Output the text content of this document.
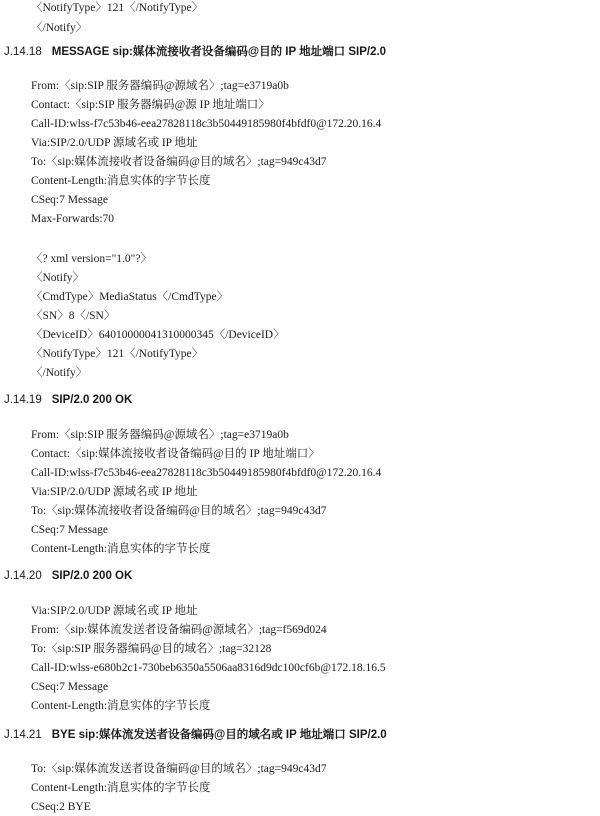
〈NotifyType〉121〈/NotifyType〉
〈/Notify〉
J.14.18 MESSAGE sip:媒体流接收者设备编码@目的 IP 地址端口 SIP/2.0
From:〈sip:SIP 服务器编码@源域名〉;tag=e3719a0b
Contact:〈sip:SIP 服务器编码@源 IP 地址端口〉
Call-ID:wlss-f7c53b46-eea27828118c3b50449185980f4bfdf0@172.20.16.4
Via:SIP/2.0/UDP 源域名或 IP 地址
To:〈sip:媒体流接收者设备编码@目的域名〉;tag=949c43d7
Content-Length:消息实体的字节长度
CSeq:7 Message
Max-Forwards:70
〈? xml version="1.0"?〉
〈Notify〉
〈CmdType〉MediaStatus〈/CmdType〉
〈SN〉8〈/SN〉
〈DeviceID〉64010000041310000345〈/DeviceID〉
〈NotifyType〉121〈/NotifyType〉
〈/Notify〉
J.14.19 SIP/2.0 200 OK
From:〈sip:SIP 服务器编码@源域名〉;tag=e3719a0b
Contact:〈sip:媒体流接收者设备编码@目的 IP 地址端口〉
Call-ID:wlss-f7c53b46-eea27828118c3b50449185980f4bfdf0@172.20.16.4
Via:SIP/2.0/UDP 源域名或 IP 地址
To:〈sip:媒体流接收者设备编码@目的域名〉;tag=949c43d7
CSeq:7 Message
Content-Length:消息实体的字节长度
J.14.20 SIP/2.0 200 OK
Via:SIP/2.0/UDP 源域名或 IP 地址
From:〈sip:媒体流发送者设备编码@源域名〉;tag=f569d024
To:〈sip:SIP 服务器编码@目的域名〉;tag=32128
Call-ID:wlss-e680b2c1-730beb6350a5506aa8316d9dc100cf6b@172.18.16.5
CSeq:7 Message
Content-Length:消息实体的字节长度
J.14.21 BYE sip:媒体流发送者设备编码@目的域名或 IP 地址端口 SIP/2.0
To:〈sip:媒体流发送者设备编码@目的域名〉;tag=949c43d7
Content-Length:消息实体的字节长度
CSeq:2 BYE
